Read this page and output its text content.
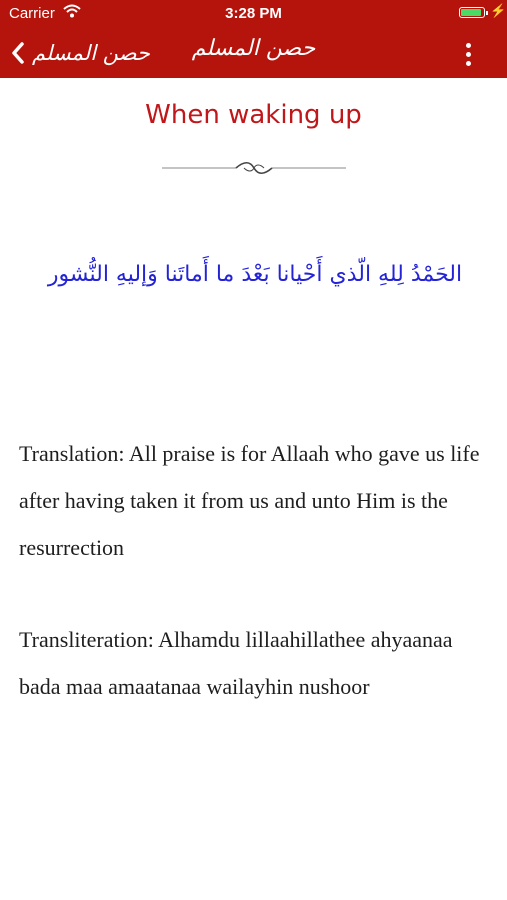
Carrier	3:28 PM	⚡
حصن المسلم	حصن المسلم
When waking up
الحَمْدُ لِلهِ الّذي أَحْيانا بَعْدَ ما أَماتَنا وَإليهِ النُّشور
Translation: All praise is for Allaah who gave us life after having taken it from us and unto Him is the resurrection
Transliteration: Alhamdu lillaahillathee ahyaanaa bada maa amaatanaa wailayhin nushoor
